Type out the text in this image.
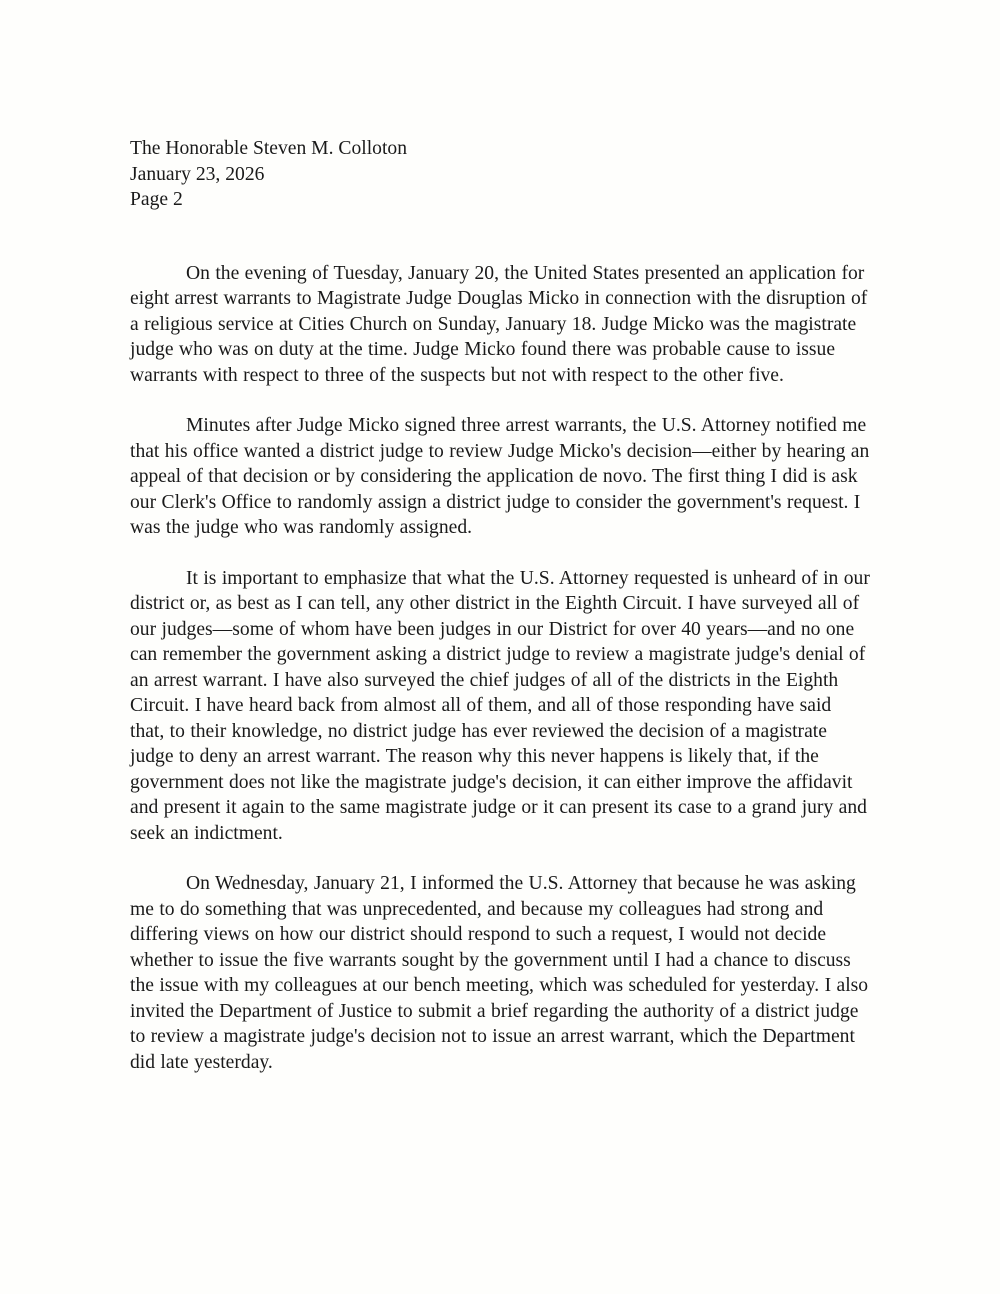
The Honorable Steven M. Colloton
January 23, 2026
Page 2

On the evening of Tuesday, January 20, the United States presented an application for eight arrest warrants to Magistrate Judge Douglas Micko in connection with the disruption of a religious service at Cities Church on Sunday, January 18. Judge Micko was the magistrate judge who was on duty at the time. Judge Micko found there was probable cause to issue warrants with respect to three of the suspects but not with respect to the other five.

Minutes after Judge Micko signed three arrest warrants, the U.S. Attorney notified me that his office wanted a district judge to review Judge Micko's decision—either by hearing an appeal of that decision or by considering the application de novo. The first thing I did is ask our Clerk's Office to randomly assign a district judge to consider the government's request. I was the judge who was randomly assigned.

It is important to emphasize that what the U.S. Attorney requested is unheard of in our district or, as best as I can tell, any other district in the Eighth Circuit. I have surveyed all of our judges—some of whom have been judges in our District for over 40 years—and no one can remember the government asking a district judge to review a magistrate judge's denial of an arrest warrant. I have also surveyed the chief judges of all of the districts in the Eighth Circuit. I have heard back from almost all of them, and all of those responding have said that, to their knowledge, no district judge has ever reviewed the decision of a magistrate judge to deny an arrest warrant. The reason why this never happens is likely that, if the government does not like the magistrate judge's decision, it can either improve the affidavit and present it again to the same magistrate judge or it can present its case to a grand jury and seek an indictment.

On Wednesday, January 21, I informed the U.S. Attorney that because he was asking me to do something that was unprecedented, and because my colleagues had strong and differing views on how our district should respond to such a request, I would not decide whether to issue the five warrants sought by the government until I had a chance to discuss the issue with my colleagues at our bench meeting, which was scheduled for yesterday. I also invited the Department of Justice to submit a brief regarding the authority of a district judge to review a magistrate judge's decision not to issue an arrest warrant, which the Department did late yesterday.
